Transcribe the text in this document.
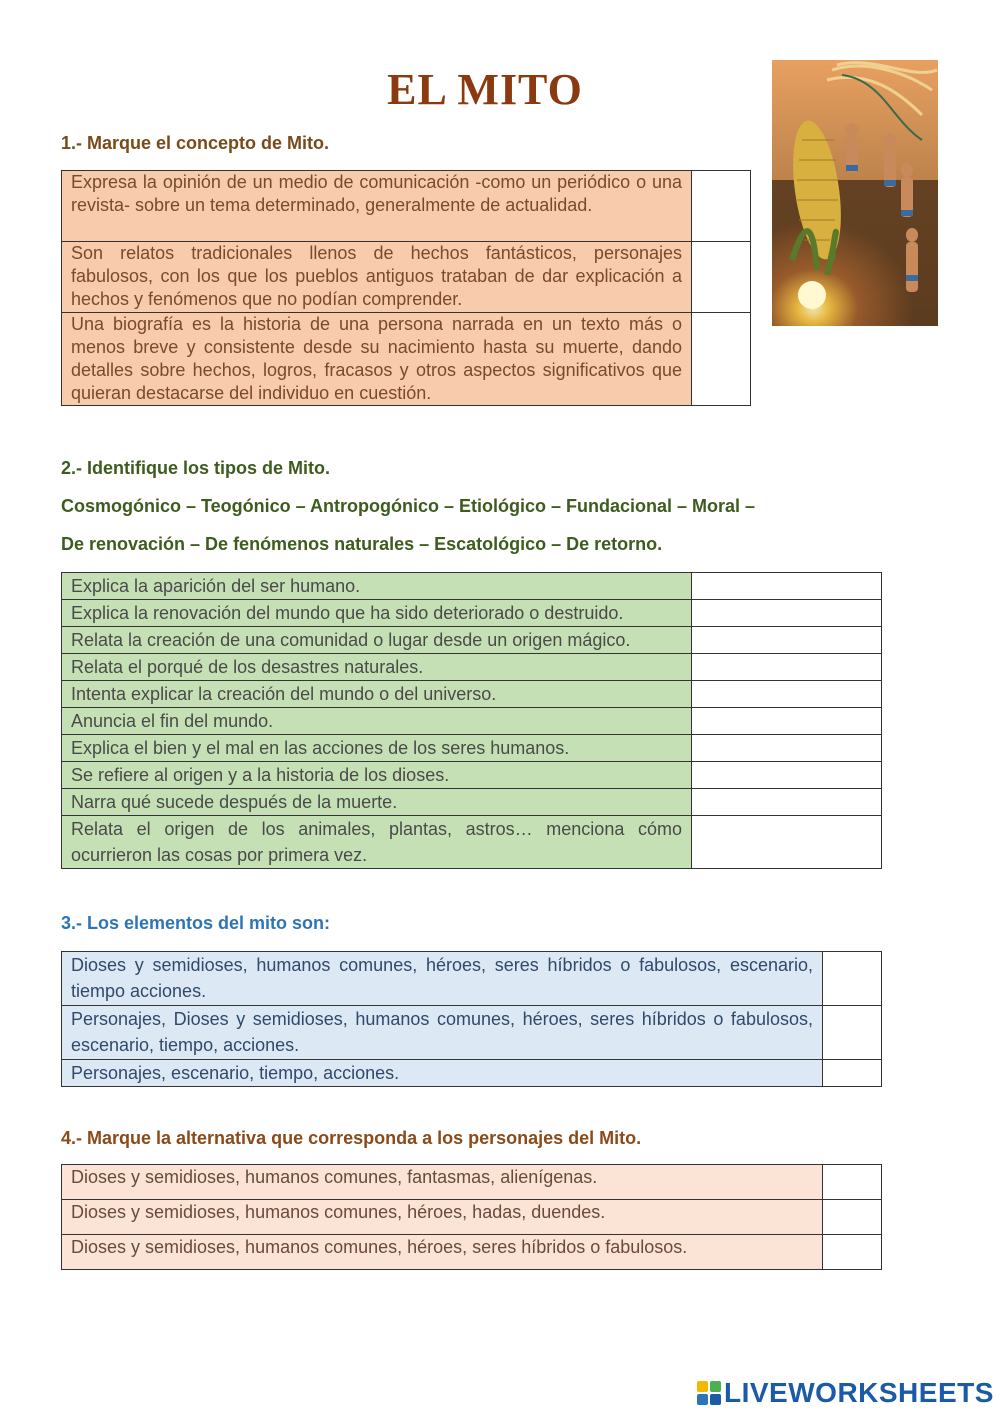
EL MITO
1.- Marque el concepto de Mito.
Expresa la opinión de un medio de comunicación -como un periódico o una revista- sobre un tema determinado, generalmente de actualidad.	
Son relatos tradicionales llenos de hechos fantásticos, personajes fabulosos, con los que los pueblos antiguos trataban de dar explicación a hechos y fenómenos que no podían comprender.	
Una biografía es la historia de una persona narrada en un texto más o menos breve y consistente desde su nacimiento hasta su muerte, dando detalles sobre hechos, logros, fracasos y otros aspectos significativos que quieran destacarse del individuo en cuestión.	
2.- Identifique los tipos de Mito.
Cosmogónico – Teogónico – Antropogónico – Etiológico – Fundacional – Moral –
De renovación – De fenómenos naturales – Escatológico – De retorno.
Explica la aparición del ser humano.	
Explica la renovación del mundo que ha sido deteriorado o destruido.	
Relata la creación de una comunidad o lugar desde un origen mágico.	
Relata el porqué de los desastres naturales.	
Intenta explicar la creación del mundo o del universo.	
Anuncia el fin del mundo.	
Explica el bien y el mal en las acciones de los seres humanos.	
Se refiere al origen y a la historia de los dioses.	
Narra qué sucede después de la muerte.	
Relata el origen de los animales, plantas, astros… menciona cómo ocurrieron las cosas por primera vez.	
3.- Los elementos del mito son:
Dioses y semidioses, humanos comunes, héroes, seres híbridos o fabulosos, escenario, tiempo acciones.	
Personajes, Dioses y semidioses, humanos comunes, héroes, seres híbridos o fabulosos, escenario, tiempo, acciones.	
Personajes, escenario, tiempo, acciones.	
4.- Marque la alternativa que corresponda a los personajes del Mito.
Dioses y semidioses, humanos comunes, fantasmas, alienígenas.	
Dioses y semidioses, humanos comunes, héroes, hadas, duendes.	
Dioses y semidioses, humanos comunes, héroes, seres híbridos o fabulosos.	
LIVEWORKSHEETS
